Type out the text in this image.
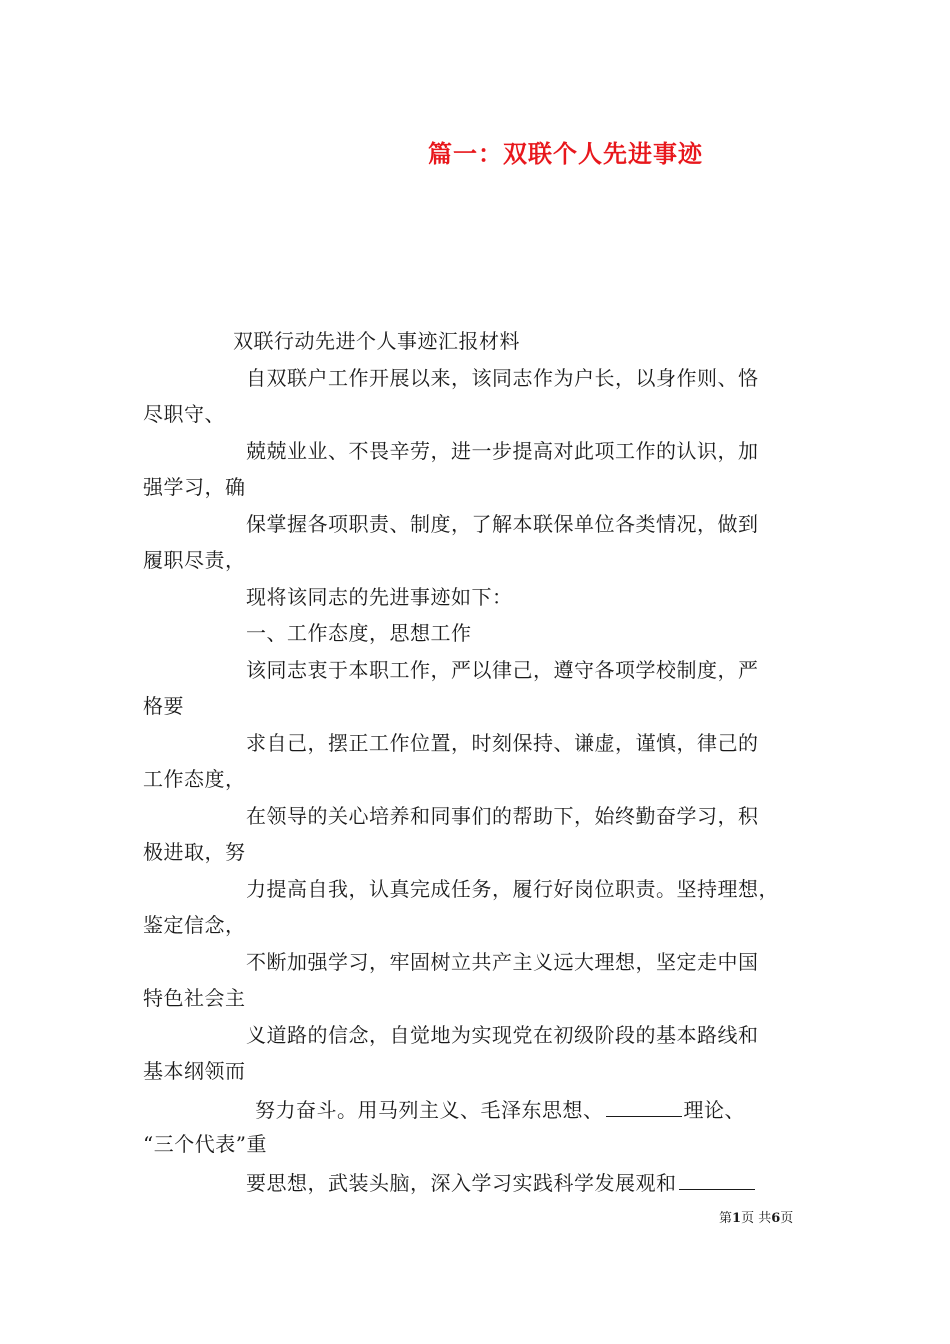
篇一：双联个人先进事迹
双联行动先进个人事迹汇报材料
自双联户工作开展以来，该同志作为户长，以身作则、恪
尽职守、
兢兢业业、不畏辛劳，进一步提高对此项工作的认识，加
强学习，确
保掌握各项职责、制度，了解本联保单位各类情况，做到
履职尽责，
现将该同志的先进事迹如下：
一、工作态度，思想工作
该同志衷于本职工作，严以律己，遵守各项学校制度，严
格要
求自己，摆正工作位置，时刻保持、谦虚，谨慎，律己的
工作态度，
在领导的关心培养和同事们的帮助下，始终勤奋学习，积
极进取，努
力提高自我，认真完成任务，履行好岗位职责。坚持理想，
鉴定信念，
不断加强学习，牢固树立共产主义远大理想，坚定走中国
特色社会主
义道路的信念，自觉地为实现党在初级阶段的基本路线和
基本纲领而
努力奋斗。用马列主义、毛泽东思想、	理论、
“三个代表”重
要思想，武装头脑，深入学习实践科学发展观和
第1页 共6页
